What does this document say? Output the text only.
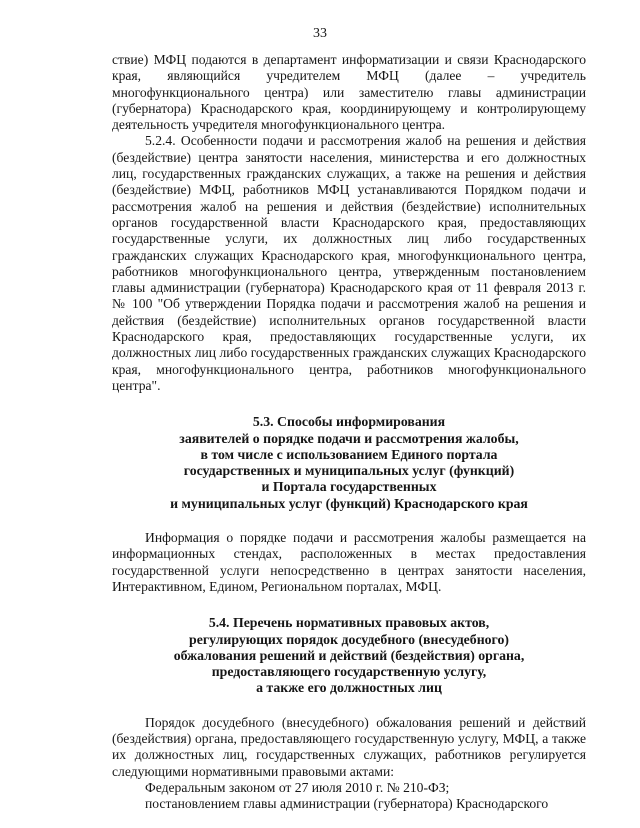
33

ствие) МФЦ подаются в департамент информатизации и связи Краснодарского края, являющийся учредителем МФЦ (далее – учредитель многофункционального центра) или заместителю главы администрации (губернатора) Краснодарского края, координирующему и контролирующему деятельность учредителя многофункционального центра.

5.2.4. Особенности подачи и рассмотрения жалоб на решения и действия (бездействие) центра занятости населения, министерства и его должностных лиц, государственных гражданских служащих, а также на решения и действия (бездействие) МФЦ, работников МФЦ устанавливаются Порядком подачи и рассмотрения жалоб на решения и действия (бездействие) исполнительных органов государственной власти Краснодарского края, предоставляющих государственные услуги, их должностных лиц либо государственных гражданских служащих Краснодарского края, многофункционального центра, работников многофункционального центра, утвержденным постановлением главы администрации (губернатора) Краснодарского края от 11 февраля 2013 г. № 100 "Об утверждении Порядка подачи и рассмотрения жалоб на решения и действия (бездействие) исполнительных органов государственной власти Краснодарского края, предоставляющих государственные услуги, их должностных лиц либо государственных гражданских служащих Краснодарского края, многофункционального центра, работников многофункционального центра".

5.3. Способы информирования

заявителей о порядке подачи и рассмотрения жалобы,

в том числе с использованием Единого портала

государственных и муниципальных услуг (функций)

и Портала государственных

и муниципальных услуг (функций) Краснодарского края

Информация о порядке подачи и рассмотрения жалобы размещается на информационных стендах, расположенных в местах предоставления государственной услуги непосредственно в центрах занятости населения, Интерактивном, Едином, Региональном порталах, МФЦ.

5.4. Перечень нормативных правовых актов,

регулирующих порядок досудебного (внесудебного)

обжалования решений и действий (бездействия) органа,

предоставляющего государственную услугу,

а также его должностных лиц

Порядок досудебного (внесудебного) обжалования решений и действий (бездействия) органа, предоставляющего государственную услугу, МФЦ, а также их должностных лиц, государственных служащих, работников регулируется следующими нормативными правовыми актами:

Федеральным законом от 27 июля 2010 г. № 210-ФЗ;

постановлением главы администрации (губернатора) Краснодарского
